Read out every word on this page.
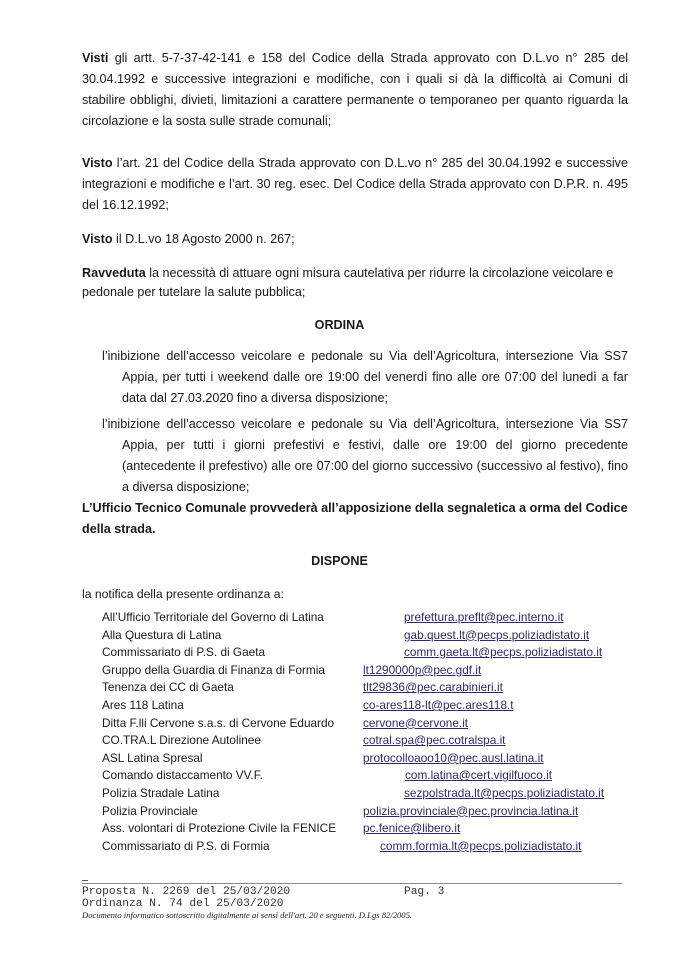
Visti gli artt. 5-7-37-42-141 e 158 del Codice della Strada approvato con D.L.vo n° 285 del 30.04.1992 e successive integrazioni e modifiche, con i quali si dà la difficoltà ai Comuni di stabilire obblighi, divieti, limitazioni a carattere permanente o temporaneo per quanto riguarda la circolazione e la sosta sulle strade comunali;

Visto l’art. 21 del Codice della Strada approvato con D.L.vo n° 285 del 30.04.1992 e successive integrazioni e modifiche e l’art. 30 reg. esec. Del Codice della Strada approvato con D.P.R. n. 495 del 16.12.1992;

Visto il D.L.vo 18 Agosto 2000 n. 267;

Ravveduta la necessità di attuare ogni misura cautelativa per ridurre la circolazione veicolare e pedonale per tutelare la salute pubblica;

ORDINA
l’inibizione dell’accesso veicolare e pedonale su Via dell’Agricoltura, intersezione Via SS7 Appia, per tutti i weekend dalle ore 19:00 del venerdì fino alle ore 07:00 del lunedì a far data dal 27.03.2020 fino a diversa disposizione;
l’inibizione dell’accesso veicolare e pedonale su Via dell’Agricoltura, intersezione Via SS7 Appia, per tutti i giorni prefestivi e festivi, dalle ore 19:00 del giorno precedente (antecedente il prefestivo) alle ore 07:00 del giorno successivo (successivo al festivo), fino a diversa disposizione;
L’Ufficio Tecnico Comunale provvederà all’apposizione della segnaletica a orma del Codice della strada.
DISPONE
la notifica della presente ordinanza a:
All’Ufficio Territoriale del Governo di Latina	prefettura.preflt@pec.interno.it
Alla Questura di Latina	gab.quest.lt@pecps.poliziadistato.it
Commissariato di P.S. di Gaeta	comm.gaeta.lt@pecps.poliziadistato.it
Gruppo della Guardia di Finanza di Formia	lt1290000p@pec.gdf.it
Tenenza dei CC di Gaeta	tlt29836@pec.carabinieri.it
Ares 118 Latina	co-ares118-lt@pec.ares118.t
Ditta F.lli Cervone s.a.s. di Cervone Eduardo cervone@cervone.it
CO.TRA.L Direzione Autolinee	cotral.spa@pec.cotralspa.it
ASL Latina Spresal	protocolloaoo10@pec.ausl.latina.it
Comando distaccamento VV.F.	com.latina@cert.vigilfuoco.it
Polizia Stradale Latina	sezpolstrada.lt@pecps.poliziadistato.it
Polizia Provinciale	polizia.provinciale@pec.provincia.latina.it
Ass. volontari di Protezione Civile la FENICE pc.fenice@libero.it
Commissariato di P.S. di Formia	comm.formia.lt@pecps.poliziadistato.it
Proposta N. 2269 del 25/03/2020	Pag. 3
Ordinanza N. 74 del 25/03/2020
Documento informatico sottoscritto digitalmente ai sensi dell'art. 20 e seguenti. D.Lgs 82/2005.
